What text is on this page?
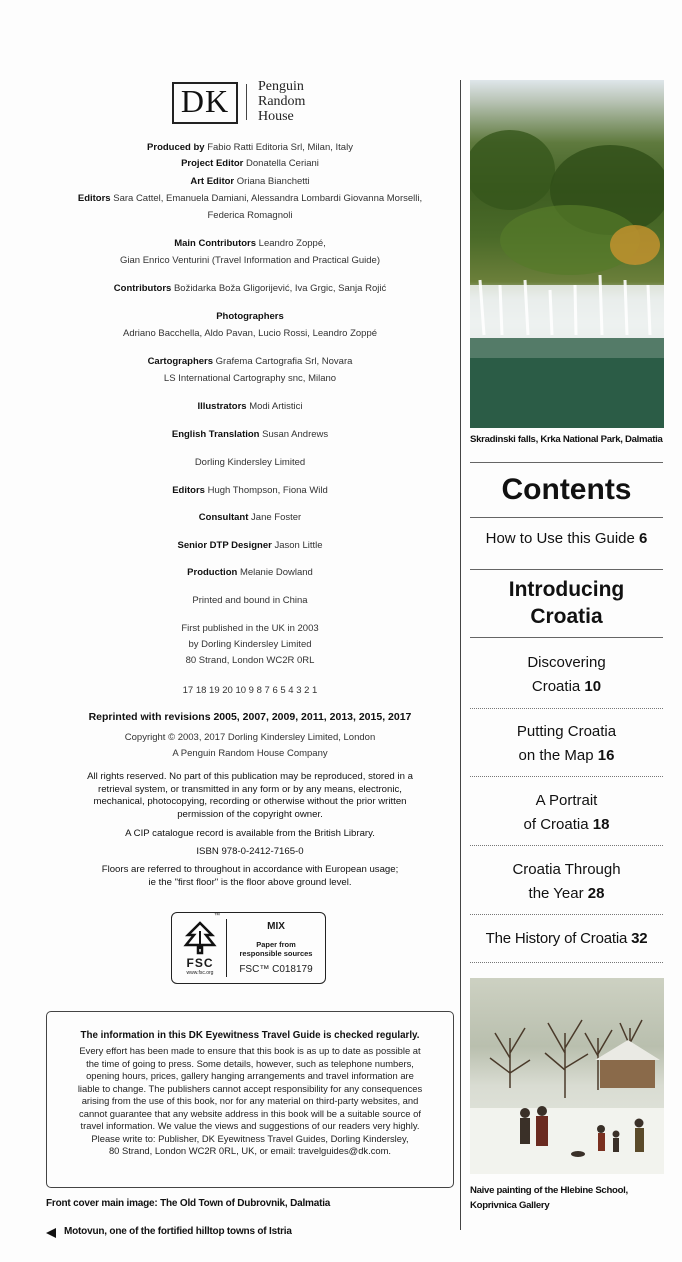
DK	Penguin
Random
House
Produced by Fabio Ratti Editoria Srl, Milan, Italy
Project Editor Donatella Ceriani
Art Editor Oriana Bianchetti
Editors Sara Cattel, Emanuela Damiani, Alessandra Lombardi Giovanna Morselli,
Federica Romagnoli
Main Contributors Leandro Zoppé,
Gian Enrico Venturini (Travel Information and Practical Guide)
Contributors Božidarka Boža Gligorijević, Iva Grgic, Sanja Rojić
Photographers
Adriano Bacchella, Aldo Pavan, Lucio Rossi, Leandro Zoppé
Cartographers Grafema Cartografia Srl, Novara
LS International Cartography snc, Milano
Illustrators Modi Artistici
English Translation Susan Andrews
Dorling Kindersley Limited
Editors Hugh Thompson, Fiona Wild
Consultant Jane Foster
Senior DTP Designer Jason Little
Production Melanie Dowland
Printed and bound in China
First published in the UK in 2003
by Dorling Kindersley Limited
80 Strand, London WC2R 0RL
17 18 19 20 10 9 8 7 6 5 4 3 2 1
Reprinted with revisions 2005, 2007, 2009, 2011, 2013, 2015, 2017
Copyright © 2003, 2017 Dorling Kindersley Limited, London
A Penguin Random House Company
All rights reserved. No part of this publication may be reproduced, stored in a
retrieval system, or transmitted in any form or by any means, electronic,
mechanical, photocopying, recording or otherwise without the prior written
permission of the copyright owner.
A CIP catalogue record is available from the British Library.
ISBN 978-0-2412-7165-0
Floors are referred to throughout in accordance with European usage;
ie the "first floor" is the floor above ground level.
™
FSC
www.fsc.org
MIX
Paper from
responsible sources
FSC™ C018179
The information in this DK Eyewitness Travel Guide is checked regularly.
Every effort has been made to ensure that this book is as up to date as possible at
the time of going to press. Some details, however, such as telephone numbers,
opening hours, prices, gallery hanging arrangements and travel information are
liable to change. The publishers cannot accept responsibility for any consequences
arising from the use of this book, nor for any material on third-party websites, and
cannot guarantee that any website address in this book will be a suitable source of
travel information. We value the views and suggestions of our readers very highly.
Please write to: Publisher, DK Eyewitness Travel Guides, Dorling Kindersley,
80 Strand, London WC2R 0RL, UK, or email: travelguides@dk.com.
Front cover main image: The Old Town of Dubrovnik, Dalmatia
Motovun, one of the fortified hilltop towns of Istria
Skradinski falls, Krka National Park, Dalmatia
Contents
How to Use this Guide 6
Introducing
Croatia
Discovering
Croatia 10
Putting Croatia
on the Map 16
A Portrait
of Croatia 18
Croatia Through
the Year 28
The History of Croatia 32
Naive painting of the Hlebine School,
Koprivnica Gallery
